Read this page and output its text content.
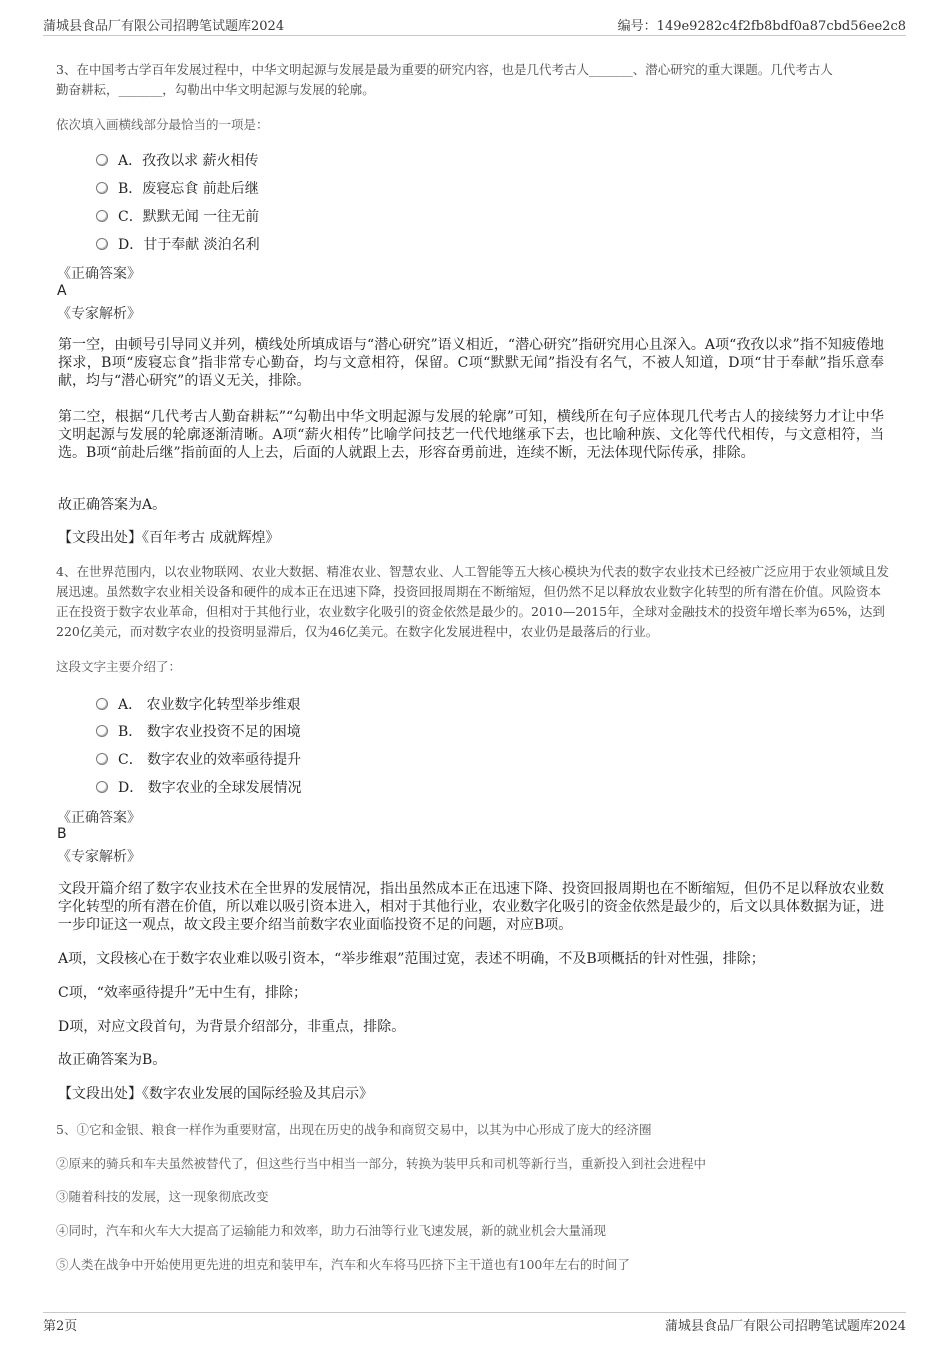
蒲城县食品厂有限公司招聘笔试题库2024	编号：149e9282c4f2fb8bdf0a87cbd56ee2c8
3、在中国考古学百年发展过程中，中华文明起源与发展是最为重要的研究内容，也是几代考古人_______、潜心研究的重大课题。几代考古人
勤奋耕耘，_______，勾勒出中华文明起源与发展的轮廓。
依次填入画横线部分最恰当的一项是：
A．孜孜以求 薪火相传
B．废寝忘食 前赴后继
C．默默无闻 一往无前
D．甘于奉献 淡泊名利
《正确答案》
A
《专家解析》
第一空，由顿号引导同义并列，横线处所填成语与“潜心研究”语义相近，“潜心研究”指研究用心且深入。A项“孜孜以求”指不知疲倦地探求，B项“废寝忘食”指非常专心勤奋，均与文意相符，保留。C项“默默无闻”指没有名气，不被人知道，D项“甘于奉献”指乐意奉献，均与“潜心研究”的语义无关，排除。
第二空，根据“几代考古人勤奋耕耘”“勾勒出中华文明起源与发展的轮廓”可知，横线所在句子应体现几代考古人的接续努力才让中华文明起源与发展的轮廓逐渐清晰。A项“薪火相传”比喻学问技艺一代代地继承下去，也比喻种族、文化等代代相传，与文意相符，当选。B项“前赴后继”指前面的人上去，后面的人就跟上去，形容奋勇前进，连续不断，无法体现代际传承，排除。
故正确答案为A。
【文段出处】《百年考古 成就辉煌》
4、在世界范围内，以农业物联网、农业大数据、精准农业、智慧农业、人工智能等五大核心模块为代表的数字农业技术已经被广泛应用于农业领域且发展迅速。虽然数字农业相关设备和硬件的成本正在迅速下降，投资回报周期在不断缩短，但仍然不足以释放农业数字化转型的所有潜在价值。风险资本正在投资于数字农业革命，但相对于其他行业，农业数字化吸引的资金依然是最少的。2010—2015年，全球对金融技术的投资年增长率为65%，达到220亿美元，而对数字农业的投资明显滞后，仅为46亿美元。在数字化发展进程中，农业仍是最落后的行业。
这段文字主要介绍了：
A． 农业数字化转型举步维艰
B． 数字农业投资不足的困境
C． 数字农业的效率亟待提升
D． 数字农业的全球发展情况
《正确答案》
B
《专家解析》
文段开篇介绍了数字农业技术在全世界的发展情况，指出虽然成本正在迅速下降、投资回报周期也在不断缩短，但仍不足以释放农业数字化转型的所有潜在价值，所以难以吸引资本进入，相对于其他行业，农业数字化吸引的资金依然是最少的，后文以具体数据为证，进一步印证这一观点，故文段主要介绍当前数字农业面临投资不足的问题，对应B项。
A项，文段核心在于数字农业难以吸引资本，“举步维艰”范围过宽，表述不明确，不及B项概括的针对性强，排除；
C项，“效率亟待提升”无中生有，排除；
D项，对应文段首句，为背景介绍部分，非重点，排除。
故正确答案为B。
【文段出处】《数字农业发展的国际经验及其启示》
5、①它和金银、粮食一样作为重要财富，出现在历史的战争和商贸交易中，以其为中心形成了庞大的经济圈
②原来的骑兵和车夫虽然被替代了，但这些行当中相当一部分，转换为装甲兵和司机等新行当，重新投入到社会进程中
③随着科技的发展，这一现象彻底改变
④同时，汽车和火车大大提高了运输能力和效率，助力石油等行业飞速发展，新的就业机会大量涌现
⑤人类在战争中开始使用更先进的坦克和装甲车，汽车和火车将马匹挤下主干道也有100年左右的时间了
第2页	蒲城县食品厂有限公司招聘笔试题库2024
